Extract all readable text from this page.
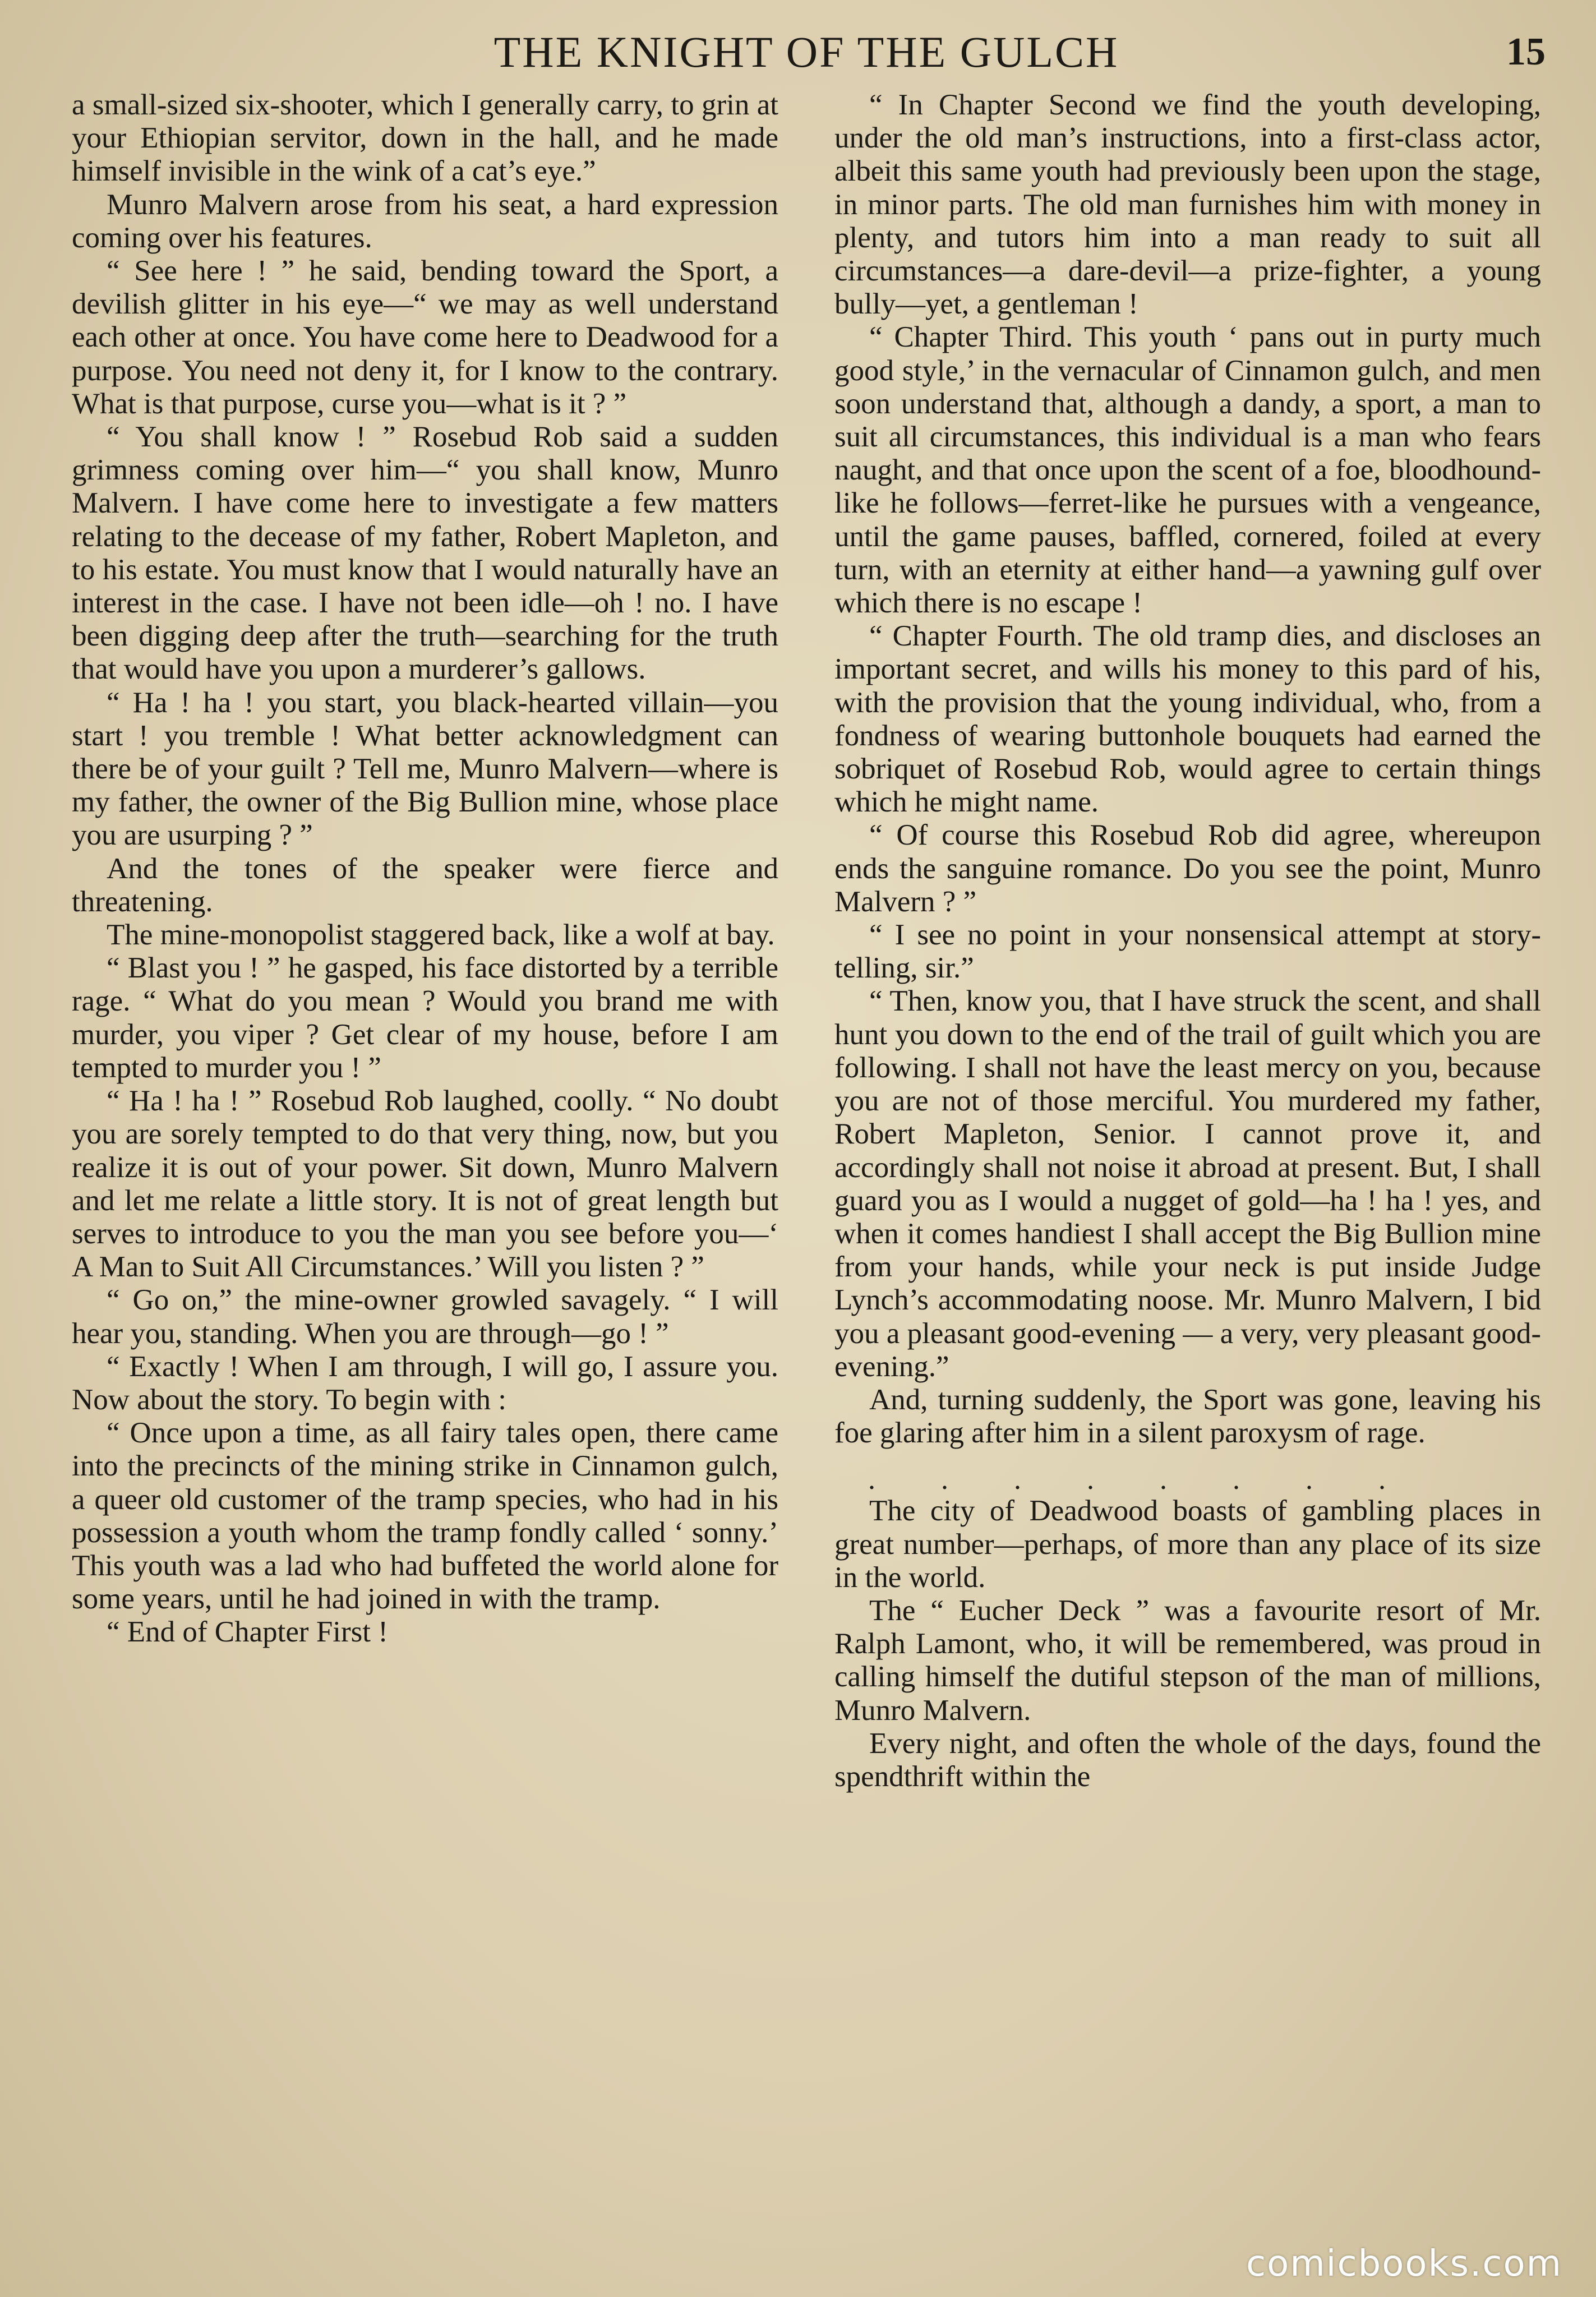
THE KNIGHT OF THE GULCH	15

a small-sized six-shooter, which I generally carry, to grin at your Ethiopian servitor, down in the hall, and he made himself invisible in the wink of a cat’s eye.”

Munro Malvern arose from his seat, a hard expression coming over his features.

“ See here ! ” he said, bending toward the Sport, a devilish glitter in his eye—“ we may as well understand each other at once. You have come here to Deadwood for a purpose. You need not deny it, for I know to the contrary. What is that purpose, curse you—what is it ? ”

“ You shall know ! ” Rosebud Rob said a sudden grimness coming over him—“ you shall know, Munro Malvern. I have come here to investigate a few matters relating to the decease of my father, Robert Mapleton, and to his estate. You must know that I would naturally have an interest in the case. I have not been idle—oh ! no. I have been digging deep after the truth—searching for the truth that would have you upon a murderer’s gallows.

“ Ha ! ha ! you start, you black-hearted villain—you start ! you tremble ! What better acknowledgment can there be of your guilt ? Tell me, Munro Malvern—where is my father, the owner of the Big Bullion mine, whose place you are usurping ? ”

And the tones of the speaker were fierce and threatening.

The mine-monopolist staggered back, like a wolf at bay.

“ Blast you ! ” he gasped, his face distorted by a terrible rage. “ What do you mean ? Would you brand me with murder, you viper ? Get clear of my house, before I am tempted to murder you ! ”

“ Ha ! ha ! ” Rosebud Rob laughed, coolly. “ No doubt you are sorely tempted to do that very thing, now, but you realize it is out of your power. Sit down, Munro Malvern and let me relate a little story. It is not of great length but serves to introduce to you the man you see before you—‘ A Man to Suit All Circumstances.’ Will you listen ? ”

“ Go on,” the mine-owner growled savagely. “ I will hear you, standing. When you are through—go ! ”

“ Exactly ! When I am through, I will go, I assure you. Now about the story. To begin with :

“ Once upon a time, as all fairy tales open, there came into the precincts of the mining strike in Cinnamon gulch, a queer old customer of the tramp species, who had in his possession a youth whom the tramp fondly called ‘ sonny.’ This youth was a lad who had buffeted the world alone for some years, until he had joined in with the tramp.

“ End of Chapter First !

“ In Chapter Second we find the youth developing, under the old man’s instructions, into a first-class actor, albeit this same youth had previously been upon the stage, in minor parts. The old man furnishes him with money in plenty, and tutors him into a man ready to suit all circumstances—a dare-devil—a prize-fighter, a young bully—yet, a gentleman !

“ Chapter Third. This youth ‘ pans out in purty much good style,’ in the vernacular of Cinnamon gulch, and men soon understand that, although a dandy, a sport, a man to suit all circumstances, this individual is a man who fears naught, and that once upon the scent of a foe, bloodhound-like he follows—ferret-like he pursues with a vengeance, until the game pauses, baffled, cornered, foiled at every turn, with an eternity at either hand—a yawning gulf over which there is no escape !

“ Chapter Fourth. The old tramp dies, and discloses an important secret, and wills his money to this pard of his, with the provision that the young individual, who, from a fondness of wearing buttonhole bouquets had earned the sobriquet of Rosebud Rob, would agree to certain things which he might name.

“ Of course this Rosebud Rob did agree, whereupon ends the sanguine romance. Do you see the point, Munro Malvern ? ”

“ I see no point in your nonsensical attempt at story-telling, sir.”

“ Then, know you, that I have struck the scent, and shall hunt you down to the end of the trail of guilt which you are following. I shall not have the least mercy on you, because you are not of those merciful. You murdered my father, Robert Mapleton, Senior. I cannot prove it, and accordingly shall not noise it abroad at present. But, I shall guard you as I would a nugget of gold—ha ! ha ! yes, and when it comes handiest I shall accept the Big Bullion mine from your hands, while your neck is put inside Judge Lynch’s accommodating noose. Mr. Munro Malvern, I bid you a pleasant good-evening — a very, very pleasant good-evening.”

And, turning suddenly, the Sport was gone, leaving his foe glaring after him in a silent paroxysm of rage.

. . . . . . . .

The city of Deadwood boasts of gambling places in great number—perhaps, of more than any place of its size in the world.

The “ Eucher Deck ” was a favourite resort of Mr. Ralph Lamont, who, it will be remembered, was proud in calling himself the dutiful stepson of the man of millions, Munro Malvern.

Every night, and often the whole of the days, found the spendthrift within the

comicbooks.com
